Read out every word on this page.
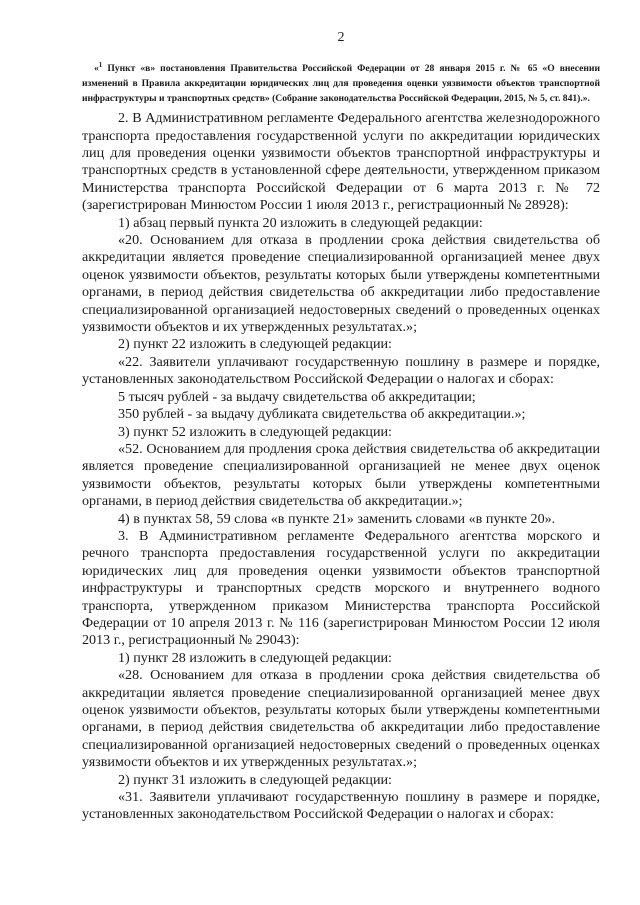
2

«$^1$ Пункт «в» постановления Правительства Российской Федерации от 28 января 2015 г. № 65 «О внесении изменений в Правила аккредитации юридических лиц для проведения оценки уязвимости объектов транспортной инфраструктуры и транспортных средств» (Собрание законодательства Российской Федерации, 2015, № 5, ст. 841).».

2. В Административном регламенте Федерального агентства железнодорожного транспорта предоставления государственной услуги по аккредитации юридических лиц для проведения оценки уязвимости объектов транспортной инфраструктуры и транспортных средств в установленной сфере деятельности, утвержденном приказом Министерства транспорта Российской Федерации от 6 марта 2013 г. № 72 (зарегистрирован Минюстом России 1 июля 2013 г., регистрационный № 28928):

1) абзац первый пункта 20 изложить в следующей редакции:

«20. Основанием для отказа в продлении срока действия свидетельства об аккредитации является проведение специализированной организацией менее двух оценок уязвимости объектов, результаты которых были утверждены компетентными органами, в период действия свидетельства об аккредитации либо предоставление специализированной организацией недостоверных сведений о проведенных оценках уязвимости объектов и их утвержденных результатах.»;

2) пункт 22 изложить в следующей редакции:

«22. Заявители уплачивают государственную пошлину в размере и порядке, установленных законодательством Российской Федерации о налогах и сборах:

5 тысяч рублей - за выдачу свидетельства об аккредитации;

350 рублей - за выдачу дубликата свидетельства об аккредитации.»;

3) пункт 52 изложить в следующей редакции:

«52. Основанием для продления срока действия свидетельства об аккредитации является проведение специализированной организацией не менее двух оценок уязвимости объектов, результаты которых были утверждены компетентными органами, в период действия свидетельства об аккредитации.»;

4) в пунктах 58, 59 слова «в пункте 21» заменить словами «в пункте 20».

3. В Административном регламенте Федерального агентства морского и речного транспорта предоставления государственной услуги по аккредитации юридических лиц для проведения оценки уязвимости объектов транспортной инфраструктуры и транспортных средств морского и внутреннего водного транспорта, утвержденном приказом Министерства транспорта Российской Федерации от 10 апреля 2013 г. № 116 (зарегистрирован Минюстом России 12 июля 2013 г., регистрационный № 29043):

1) пункт 28 изложить в следующей редакции:

«28. Основанием для отказа в продлении срока действия свидетельства об аккредитации является проведение специализированной организацией менее двух оценок уязвимости объектов, результаты которых были утверждены компетентными органами, в период действия свидетельства об аккредитации либо предоставление специализированной организацией недостоверных сведений о проведенных оценках уязвимости объектов и их утвержденных результатах.»;

2) пункт 31 изложить в следующей редакции:

«31. Заявители уплачивают государственную пошлину в размере и порядке, установленных законодательством Российской Федерации о налогах и сборах:
